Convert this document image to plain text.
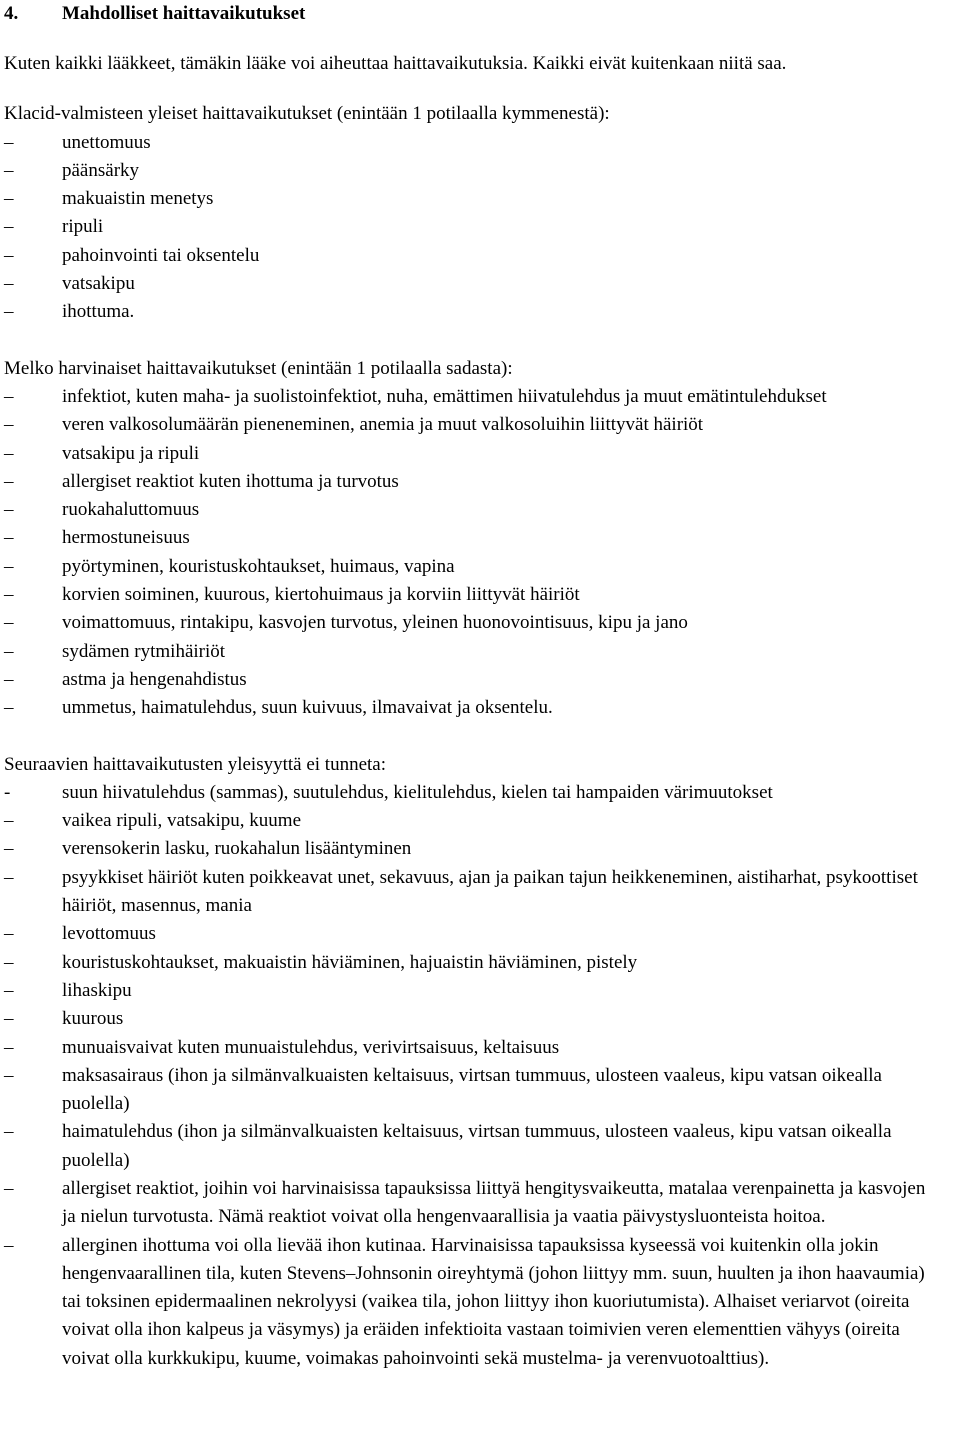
4.	Mahdolliset haittavaikutukset

Kuten kaikki lääkkeet, tämäkin lääke voi aiheuttaa haittavaikutuksia. Kaikki eivät kuitenkaan niitä saa.

Klacid-valmisteen yleiset haittavaikutukset (enintään 1 potilaalla kymmenestä):

–	unettomuus
–	päänsärky
–	makuaistin menetys
–	ripuli
–	pahoinvointi tai oksentelu
–	vatsakipu
–	ihottuma.

Melko harvinaiset haittavaikutukset (enintään 1 potilaalla sadasta):

–	infektiot, kuten maha- ja suolistoinfektiot, nuha, emättimen hiivatulehdus ja muut emätintulehdukset
–	veren valkosolumäärän pieneneminen, anemia ja muut valkosoluihin liittyvät häiriöt
–	vatsakipu ja ripuli
–	allergiset reaktiot kuten ihottuma ja turvotus
–	ruokahaluttomuus
–	hermostuneisuus
–	pyörtyminen, kouristuskohtaukset, huimaus, vapina
–	korvien soiminen, kuurous, kiertohuimaus ja korviin liittyvät häiriöt
–	voimattomuus, rintakipu, kasvojen turvotus, yleinen huonovointisuus, kipu ja jano
–	sydämen rytmihäiriöt
–	astma ja hengenahdistus
–	ummetus, haimatulehdus, suun kuivuus, ilmavaivat ja oksentelu.

Seuraavien haittavaikutusten yleisyyttä ei tunneta:

-	suun hiivatulehdus (sammas), suutulehdus, kielitulehdus, kielen tai hampaiden värimuutokset
–	vaikea ripuli, vatsakipu, kuume
–	verensokerin lasku, ruokahalun lisääntyminen
–	psyykkiset häiriöt kuten poikkeavat unet, sekavuus, ajan ja paikan tajun heikkeneminen, aistiharhat, psykoottiset häiriöt, masennus, mania
–	levottomuus
–	kouristuskohtaukset, makuaistin häviäminen, hajuaistin häviäminen, pistely
–	lihaskipu
–	kuurous
–	munuaisvaivat kuten munuaistulehdus, verivirtsaisuus, keltaisuus
–	maksasairaus (ihon ja silmänvalkuaisten keltaisuus, virtsan tummuus, ulosteen vaaleus, kipu vatsan oikealla puolella)
–	haimatulehdus (ihon ja silmänvalkuaisten keltaisuus, virtsan tummuus, ulosteen vaaleus, kipu vatsan oikealla puolella)
–	allergiset reaktiot, joihin voi harvinaisissa tapauksissa liittyä hengitysvaikeutta, matalaa verenpainetta ja kasvojen ja nielun turvotusta. Nämä reaktiot voivat olla hengenvaarallisia ja vaatia päivystysluonteista hoitoa.
–	allerginen ihottuma voi olla lievää ihon kutinaa. Harvinaisissa tapauksissa kyseessä voi kuitenkin olla jokin hengenvaarallinen tila, kuten Stevens–Johnsonin oireyhtymä (johon liittyy mm. suun, huulten ja ihon haavaumia) tai toksinen epidermaalinen nekrolyysi (vaikea tila, johon liittyy ihon kuoriutumista). Alhaiset veriarvot (oireita voivat olla ihon kalpeus ja väsymys) ja eräiden infektioita vastaan toimivien veren elementtien vähyys (oireita voivat olla kurkkukipu, kuume, voimakas pahoinvointi sekä mustelma- ja verenvuotoalttius).
